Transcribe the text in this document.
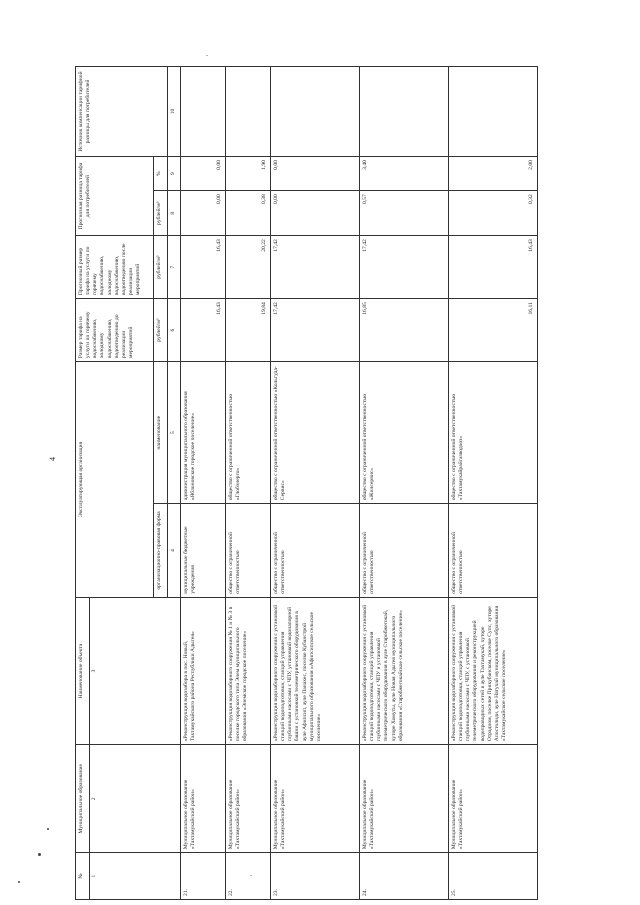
4
-
-
№ 1	Муниципальное образование 2	Наименование объекта 3	Эксплуатирующая организация		Размер тарифа на услуги по горячему водоснабжению, холодному водоснабжению, водоотведению до реализации мероприятий	Прогнозный размер тарифа на услуги по горячему водоснабжению, холодному водоснабжению, водоотведению после реализации мероприятий	Прогнозная разница тарифа для потребителей		Источник компенсации тарифной разницы для потребителей
			организационно-правовая форма	наименование	рублей/м³	рублей/м³	рублей/м³	%	
			4	5	6	7	8	9	10
21.	Муниципальное образование «Тахтамукайский район»	«Реконструкция водозабора в пос. Новый, Тахтамукайского района Республики Адыгея»	муниципальные бюджетные учреждения	администрация муниципального образования «Яблоновское городское поселение»	16,43	16,43	0,00	0,00	
22.	Муниципальное образование «Тахтамукайский район»	«Реконструкция водозаборного сооружения № 1 и № 3 в поселке городского типа Энем муниципального образования «Энемское городское поселение»	общество с ограниченной ответственностью	общество с ограниченной ответственностью «Глобэнерго»	19,84	20,22	0,38	1,90	
23.	Муниципальное образование «Тахтамукайский район»	«Реконструкция водозаборного сооружения с установкой станций водоподготовки, станций управления глубинными насосами с ЧПУ, установкой водонапорной башни с установкой телеметрического оборудования в ауле Афипсип, ауле Панахес, поселке Кубанстрой муниципального образования «Афипсипское сельское поселение»	общество с ограниченной ответственностью	общество с ограниченной ответственностью «Кольгуда-Сервис»	17,42	17,42	0,00	0,00	
24.	Муниципальное образование «Тахтамукайский район»	«Реконструкция водозаборного сооружения с установкой станций водоподготовки, станций управления глубинными насосами с ЧПУ и установкой телеметрического оборудования в ауле Старобжегокай, хуторе Хомуты, ауле Новая Адыгея муниципального образования «Старобжегокайское сельское поселение»	общество с ограниченной ответственностью	общество с ограниченной ответственностью «Жилсервис»	16,85	17,42	0,57	3,40	
25.	Муниципальное образование «Тахтамукайский район»	«Реконструкция водозаборного сооружения с установкой станций водоподготовки, станций управления глубинными насосами с ЧПУ, с установкой телеметрического оборудования и реконструкцией водопроводных сетей в ауле Тахтамукай, хуторе Отрадном, поселке Прикубанском, поселке Супс, хуторе Апостолиди, ауле Натухай муниципального образования «Тахтамукайское сельское поселение»	общество с ограниченной ответственностью	общество с ограниченной ответственностью «Тахтамукайрайгазводхоз»	16,11	16,43	0,32	2,00	
